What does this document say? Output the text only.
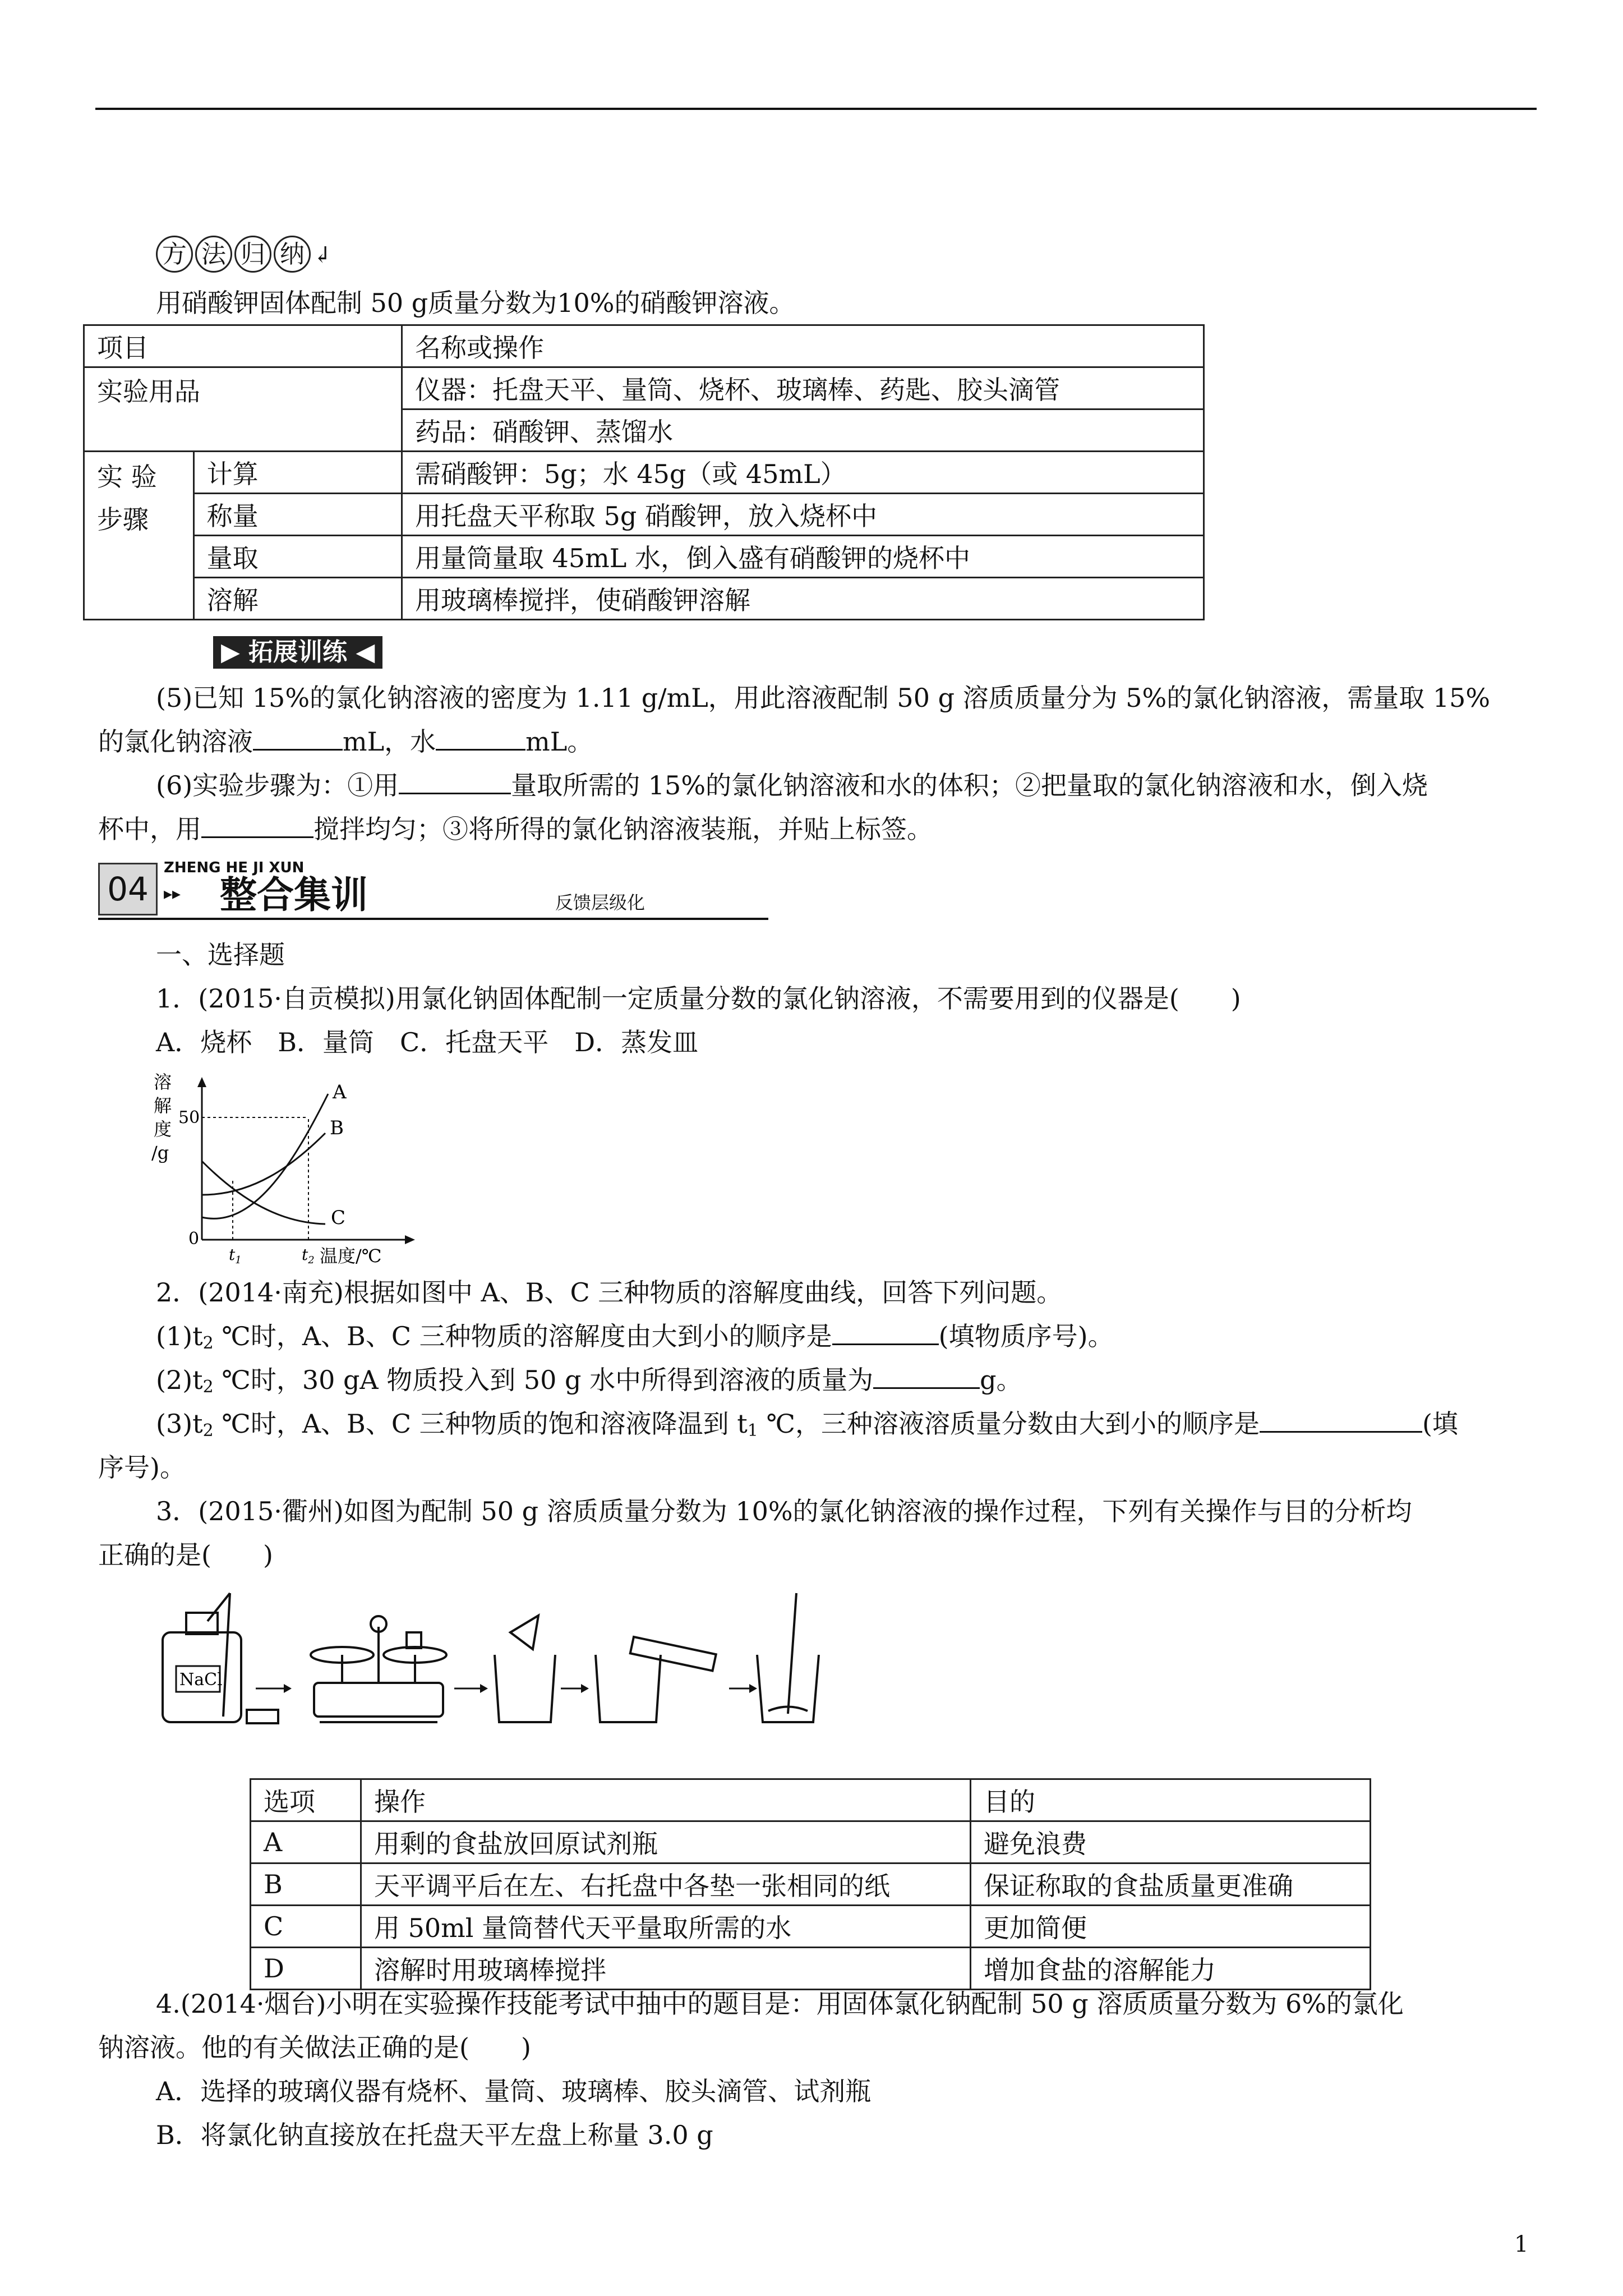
方 法 归 纳 ↲
用硝酸钾固体配制 50 g质量分数为10%的硝酸钾溶液。
项目		名称或操作
实验用品		仪器：托盘天平、量筒、烧杯、玻璃棒、药匙、胶头滴管
		药品：硝酸钾、蒸馏水
实 验
步骤	计算	需硝酸钾：5g；水 45g（或 45mL）
	称量	用托盘天平称取 5g 硝酸钾，放入烧杯中
	量取	用量筒量取 45mL 水，倒入盛有硝酸钾的烧杯中
	溶解	用玻璃棒搅拌，使硝酸钾溶解
▶ 拓展训练 ◀
(5)已知 15%的氯化钠溶液的密度为 1.11 g/mL，用此溶液配制 50 g 溶质质量分为 5%的氯化钠溶液，需量取 15%
的氯化钠溶液	mL，水	mL。
(6)实验步骤为：①用	量取所需的 15%的氯化钠溶液和水的体积；②把量取的氯化钠溶液和水，倒入烧
杯中，用	搅拌均匀；③将所得的氯化钠溶液装瓶，并贴上标签。
04
ZHENG HE JI XUN
▸▸ 整合集训	反馈层级化
一、选择题
1．(2015·自贡模拟)用氯化钠固体配制一定质量分数的氯化钠溶液，不需要用到的仪器是(　　)
A．烧杯　B．量筒　C．托盘天平　D．蒸发皿
A
B
C
50
0
溶
解
度
/g
$t_1$	$t_2$ 温度/℃
2．(2014·南充)根据如图中 A、B、C 三种物质的溶解度曲线，回答下列问题。
$(1)t_2$ ℃时，A、B、C 三种物质的溶解度由大到小的顺序是	(填物质序号)。
$(2)t_2$ ℃时，30 gA 物质投入到 50 g 水中所得到溶液的质量为	g。
$(3)t_2$ ℃时，A、B、C 三种物质的饱和溶液降温到 $t_1$ ℃，三种溶液溶质量分数由大到小的顺序是	(填
序号)。
3．(2015·衢州)如图为配制 50 g 溶质质量分数为 10%的氯化钠溶液的操作过程，下列有关操作与目的分析均
正确的是(　　)
NaCl
选项	操作	目的
A	用剩的食盐放回原试剂瓶	避免浪费
B	天平调平后在左、右托盘中各垫一张相同的纸	保证称取的食盐质量更准确
C	用 50ml 量筒替代天平量取所需的水	更加简便
D	溶解时用玻璃棒搅拌	增加食盐的溶解能力
4.(2014·烟台)小明在实验操作技能考试中抽中的题目是：用固体氯化钠配制 50 g 溶质质量分数为 6%的氯化
钠溶液。他的有关做法正确的是(　　)
A．选择的玻璃仪器有烧杯、量筒、玻璃棒、胶头滴管、试剂瓶
B．将氯化钠直接放在托盘天平左盘上称量 3.0 g
1
